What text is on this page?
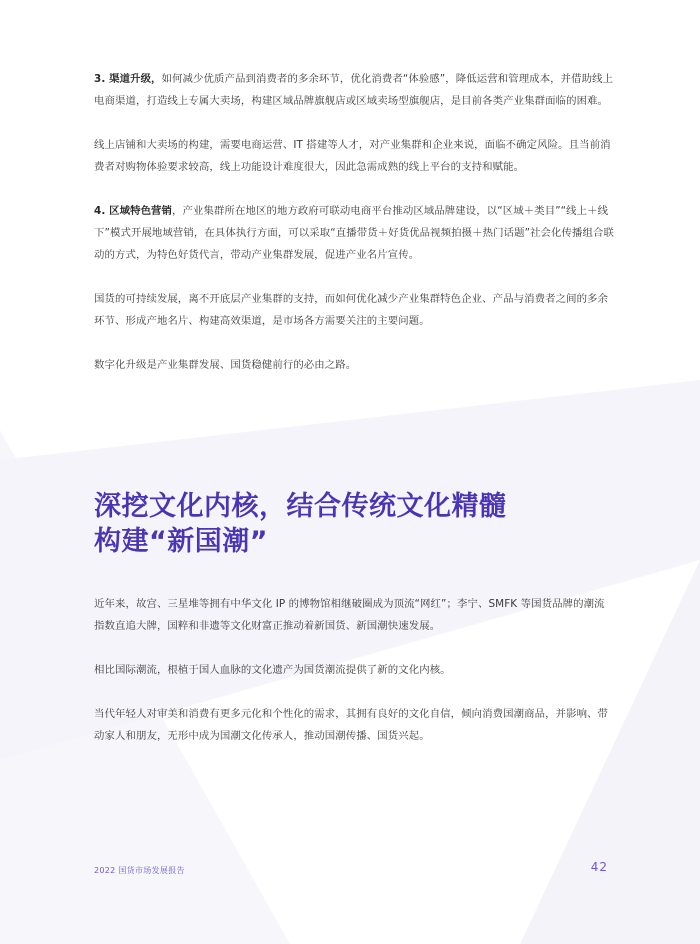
3. 渠道升级，如何减少优质产品到消费者的多余环节，优化消费者“体验感”，降低运营和管理成本，并借助线上电商渠道，打造线上专属大卖场，构建区域品牌旗舰店或区域卖场型旗舰店，是目前各类产业集群面临的困难。

线上店铺和大卖场的构建，需要电商运营、IT 搭建等人才，对产业集群和企业来说，面临不确定风险。且当前消费者对购物体验要求较高，线上功能设计难度很大，因此急需成熟的线上平台的支持和赋能。

4. 区域特色营销，产业集群所在地区的地方政府可联动电商平台推动区域品牌建设，以“区域＋类目”“线上＋线下”模式开展地域营销，在具体执行方面，可以采取“直播带货＋好货优品视频拍摄＋热门话题”社会化传播组合联动的方式，为特色好货代言，带动产业集群发展，促进产业名片宣传。

国货的可持续发展，离不开底层产业集群的支持，而如何优化减少产业集群特色企业、产品与消费者之间的多余环节、形成产地名片、构建高效渠道，是市场各方需要关注的主要问题。

数字化升级是产业集群发展、国货稳健前行的必由之路。

深挖文化内核，结合传统文化精髓
构建“新国潮”

近年来，故宫、三星堆等拥有中华文化 IP 的博物馆相继破圈成为顶流“网红”；李宁、SMFK 等国货品牌的潮流指数直追大牌，国粹和非遗等文化财富正推动着新国货、新国潮快速发展。

相比国际潮流，根植于国人血脉的文化遗产为国货潮流提供了新的文化内核。

当代年轻人对审美和消费有更多元化和个性化的需求，其拥有良好的文化自信，倾向消费国潮商品，并影响、带动家人和朋友，无形中成为国潮文化传承人，推动国潮传播、国货兴起。

2022 国货市场发展报告	42
